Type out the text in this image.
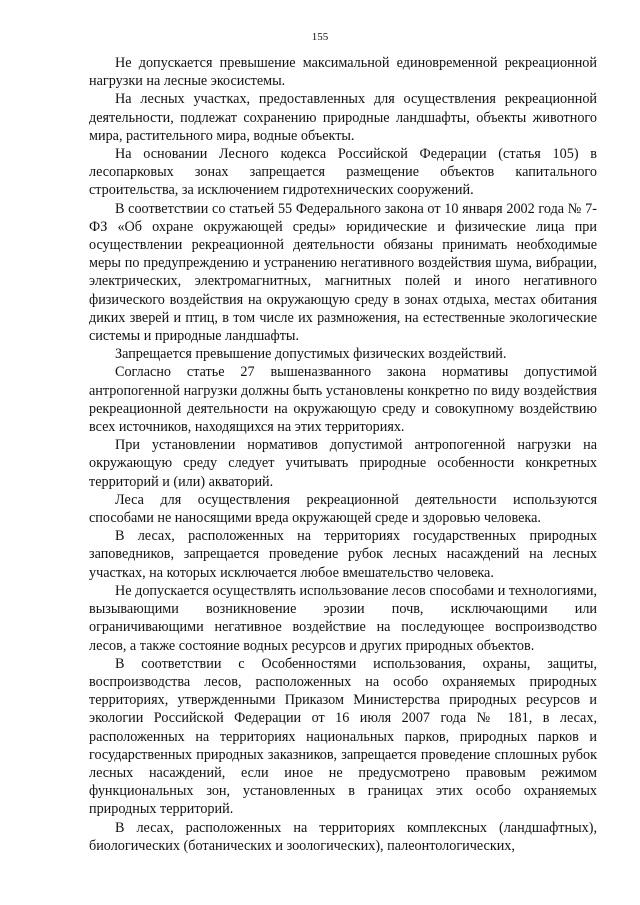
155

Не допускается превышение максимальной единовременной рекреационной нагрузки на лесные экосистемы.

На лесных участках, предоставленных для осуществления рекреационной деятельности, подлежат сохранению природные ландшафты, объекты животного мира, растительного мира, водные объекты.

На основании Лесного кодекса Российской Федерации (статья 105) в лесопарковых зонах запрещается размещение объектов капитального строительства, за исключением гидротехнических сооружений.

В соответствии со статьей 55 Федерального закона от 10 января 2002 года № 7-ФЗ «Об охране окружающей среды» юридические и физические лица при осуществлении рекреационной деятельности обязаны принимать необходимые меры по предупреждению и устранению негативного воздействия шума, вибрации, электрических, электромагнитных, магнитных полей и иного негативного физического воздействия на окружающую среду в зонах отдыха, местах обитания диких зверей и птиц, в том числе их размножения, на естественные экологические системы и природные ландшафты.

Запрещается превышение допустимых физических воздействий.

Согласно статье 27 вышеназванного закона нормативы допустимой антропогенной нагрузки должны быть установлены конкретно по виду воздействия рекреационной деятельности на окружающую среду и совокупному воздействию всех источников, находящихся на этих территориях.

При установлении нормативов допустимой антропогенной нагрузки на окружающую среду следует учитывать природные особенности конкретных территорий и (или) акваторий.

Леса для осуществления рекреационной деятельности используются способами не наносящими вреда окружающей среде и здоровью человека.

В лесах, расположенных на территориях государственных природных заповедников, запрещается проведение рубок лесных насаждений на лесных участках, на которых исключается любое вмешательство человека.

Не допускается осуществлять использование лесов способами и технологиями, вызывающими возникновение эрозии почв, исключающими или ограничивающими негативное воздействие на последующее воспроизводство лесов, а также состояние водных ресурсов и других природных объектов.

В соответствии с Особенностями использования, охраны, защиты, воспроизводства лесов, расположенных на особо охраняемых природных территориях, утвержденными Приказом Министерства природных ресурсов и экологии Российской Федерации от 16 июля 2007 года № 181, в лесах, расположенных на территориях национальных парков, природных парков и государственных природных заказников, запрещается проведение сплошных рубок лесных насаждений, если иное не предусмотрено правовым режимом функциональных зон, установленных в границах этих особо охраняемых природных территорий.

В лесах, расположенных на территориях комплексных (ландшафтных), биологических (ботанических и зоологических), палеонтологических,
